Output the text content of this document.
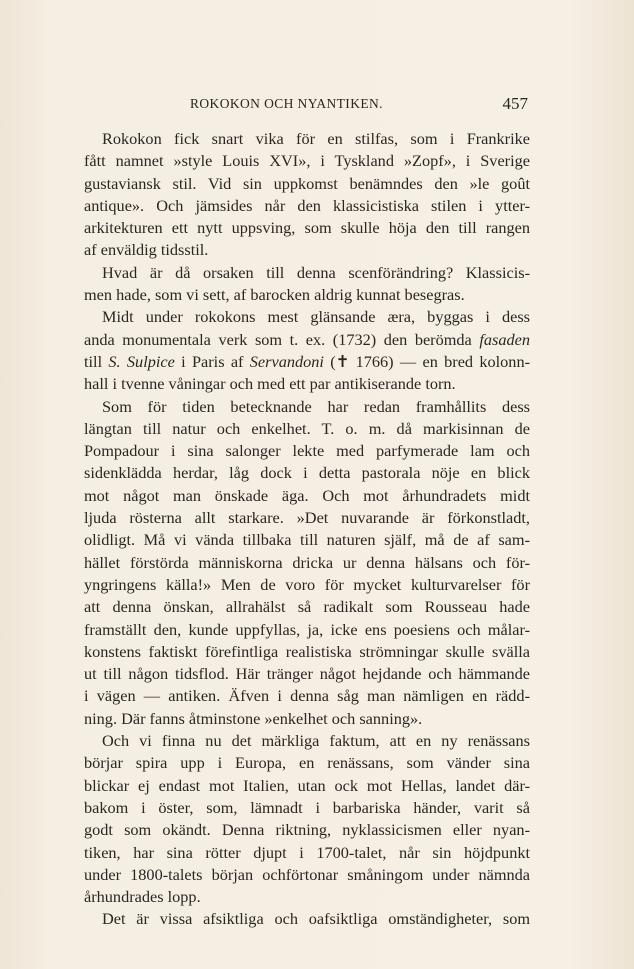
ROKOKON OCH NYANTIKEN.	457
Rokokon fick snart vika för en stilfas, som i Frankrike
fått namnet »style Louis XVI», i Tyskland »Zopf», i Sverige
gustaviansk stil. Vid sin uppkomst benämndes den »le goût
antique». Och jämsides når den klassicistiska stilen i ytter-
arkitekturen ett nytt uppsving, som skulle höja den till rangen
af enväldig tidsstil.
Hvad är då orsaken till denna scenförändring? Klassicis-
men hade, som vi sett, af barocken aldrig kunnat besegras.
Midt under rokokons mest glänsande æra, byggas i dess
anda monumentala verk som t. ex. (1732) den berömda fasaden
till S. Sulpice i Paris af Servandoni (✝ 1766) — en bred kolonn-
hall i tvenne våningar och med ett par antikiserande torn.
Som för tiden betecknande har redan framhållits dess
längtan till natur och enkelhet. T. o. m. då markisinnan de
Pompadour i sina salonger lekte med parfymerade lam och
sidenklädda herdar, låg dock i detta pastorala nöje en blick
mot något man önskade äga. Och mot århundradets midt
ljuda rösterna allt starkare. »Det nuvarande är förkonstladt,
olidligt. Må vi vända tillbaka till naturen själf, må de af sam-
hället förstörda människorna dricka ur denna hälsans och för-
yngringens källa!» Men de voro för mycket kulturvarelser för
att denna önskan, allrahälst så radikalt som Rousseau hade
framställt den, kunde uppfyllas, ja, icke ens poesiens och målar-
konstens faktiskt förefintliga realistiska strömningar skulle svälla
ut till någon tidsflod. Här tränger något hejdande och hämmande
i vägen — antiken. Äfven i denna såg man nämligen en rädd-
ning. Där fanns åtminstone »enkelhet och sanning».
Och vi finna nu det märkliga faktum, att en ny renässans
börjar spira upp i Europa, en renässans, som vänder sina
blickar ej endast mot Italien, utan ock mot Hellas, landet där-
bakom i öster, som, lämnadt i barbariska händer, varit så
godt som okändt. Denna riktning, nyklassicismen eller nyan-
tiken, har sina rötter djupt i 1700-talet, når sin höjdpunkt
under 1800-talets början ochförtonar småningom under nämnda
århundrades lopp.
Det är vissa afsiktliga och oafsiktliga omständigheter, som
